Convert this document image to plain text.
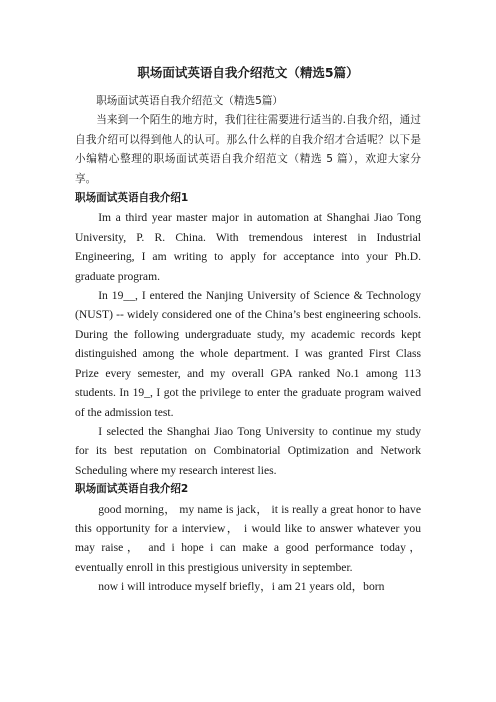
职场面试英语自我介绍范文（精选5篇）

职场面试英语自我介绍范文（精选5篇）

当来到一个陌生的地方时，我们往往需要进行适当的.自我介绍，通过自我介绍可以得到他人的认可。那么什么样的自我介绍才合适呢？以下是小编精心整理的职场面试英语自我介绍范文（精选 5 篇），欢迎大家分享。

职场面试英语自我介绍1

Im a third year master major in automation at Shanghai Jiao Tong University, P. R. China. With tremendous interest in Industrial Engineering, I am writing to apply for acceptance into your Ph.D. graduate program.

In 19__, I entered the Nanjing University of Science & Technology (NUST) -- widely considered one of the China’s best engineering schools. During the following undergraduate study, my academic records kept distinguished among the whole department. I was granted First Class Prize every semester, and my overall GPA ranked No.1 among 113 students. In 19_, I got the privilege to enter the graduate program waived of the admission test.

I selected the Shanghai Jiao Tong University to continue my study for its best reputation on Combinatorial Optimization and Network Scheduling where my research interest lies.

职场面试英语自我介绍2

good morning， my name is jack， it is really a great honor to have this opportunity for a interview， i would like to answer whatever you may raise， and i hope i can make a good performance today， eventually enroll in this prestigious university in september.

now i will introduce myself briefly，i am 21 years old，born
